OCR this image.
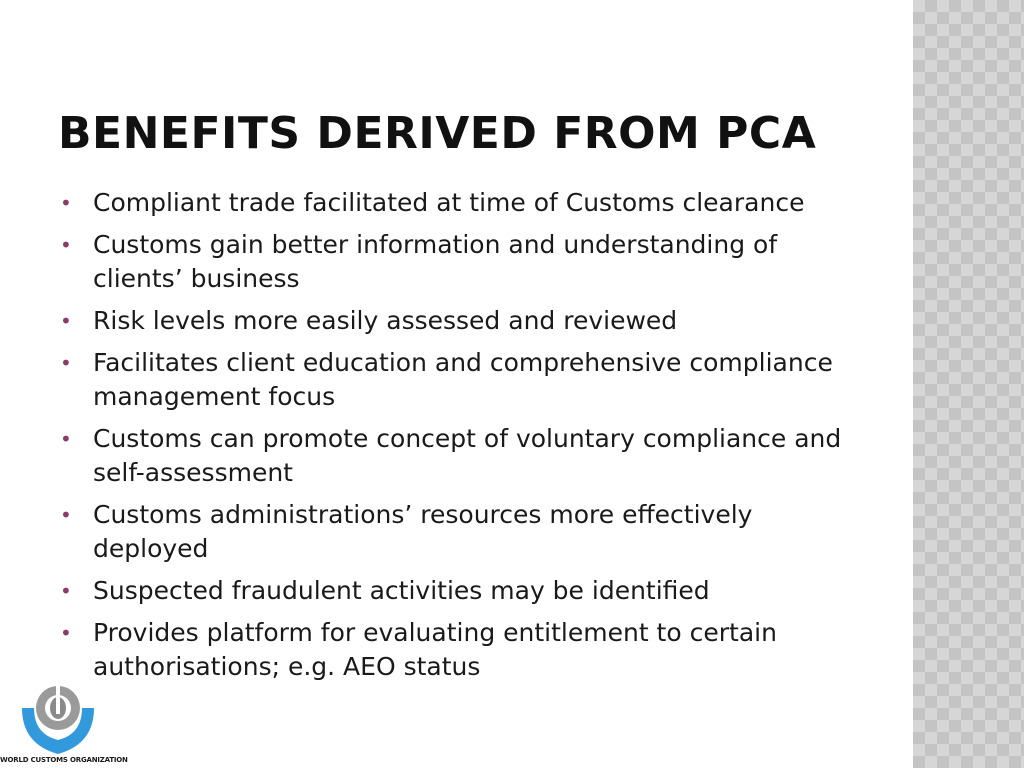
BENEFITS DERIVED FROM PCA
• Compliant trade facilitated at time of Customs clearance
• Customs gain better information and understanding of clients’ business
• Risk levels more easily assessed and reviewed
• Facilitates client education and comprehensive compliance management focus
• Customs can promote concept of voluntary compliance and self-assessment
• Customs administrations’ resources more effectively deployed
• Suspected fraudulent activities may be identified
• Provides platform for evaluating entitlement to certain authorisations; e.g. AEO status
WORLD CUSTOMS ORGANIZATION
